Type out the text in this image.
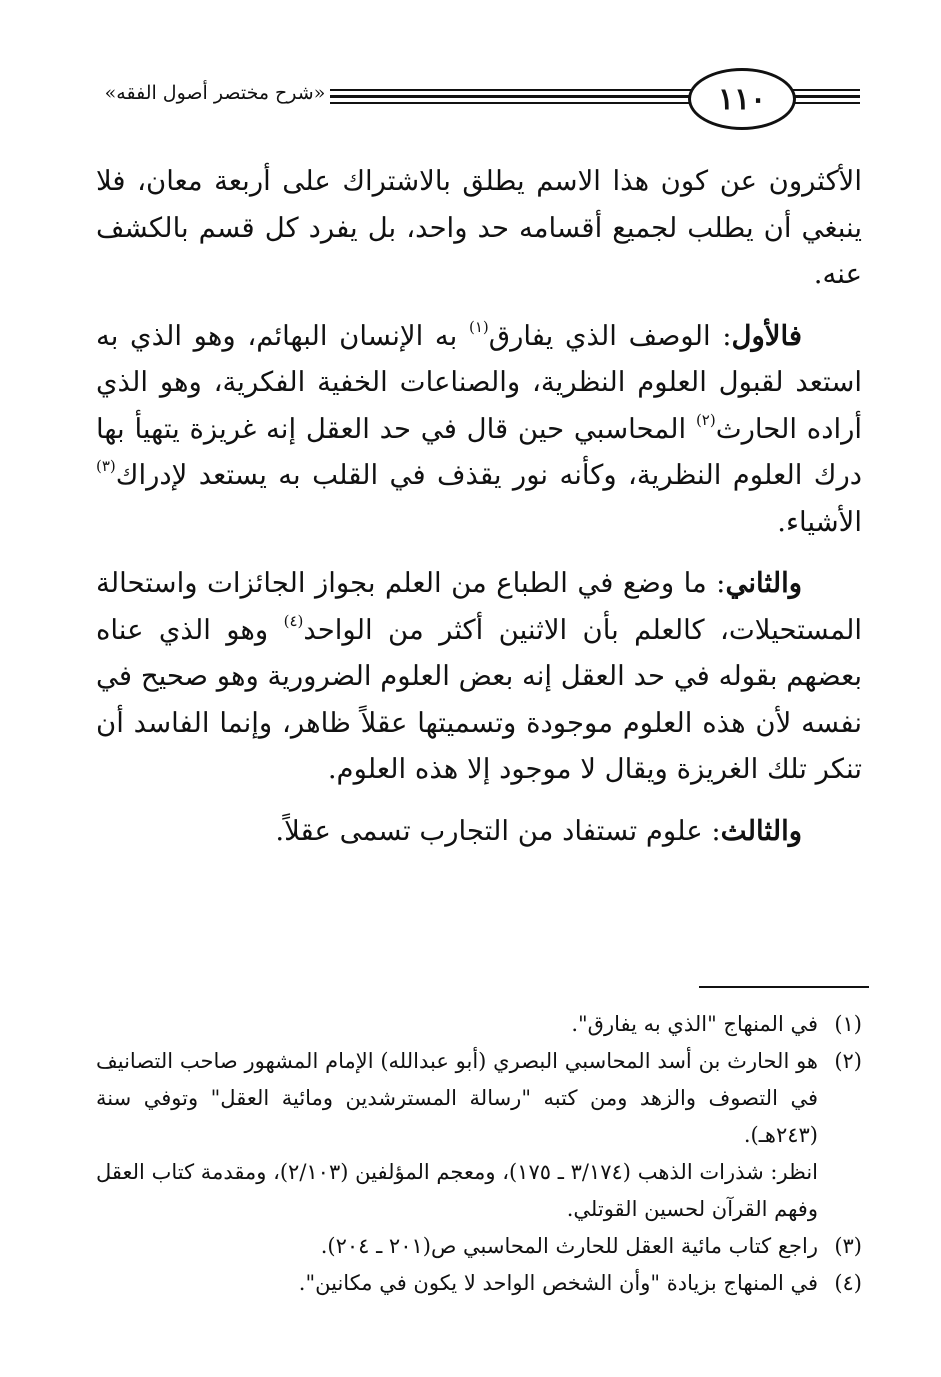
١١٠
«شرح مختصر أصول الفقه»

الأكثرون عن كون هذا الاسم يطلق بالاشتراك على أربعة معان، فلا ينبغي أن يطلب لجميع أقسامه حد واحد، بل يفرد كل قسم بالكشف عنه.

فالأول: الوصف الذي يفارق$^{(١)}$ به الإنسان البهائم، وهو الذي به استعد لقبول العلوم النظرية، والصناعات الخفية الفكرية، وهو الذي أراده الحارث$^{(٢)}$ المحاسبي حين قال في حد العقل إنه غريزة يتهيأ بها درك العلوم النظرية، وكأنه نور يقذف في القلب به يستعد لإدراك$^{(٣)}$ الأشياء.

والثاني: ما وضع في الطباع من العلم بجواز الجائزات واستحالة المستحيلات، كالعلم بأن الاثنين أكثر من الواحد$^{(٤)}$ وهو الذي عناه بعضهم بقوله في حد العقل إنه بعض العلوم الضرورية وهو صحيح في نفسه لأن هذه العلوم موجودة وتسميتها عقلاً ظاهر، وإنما الفاسد أن تنكر تلك الغريزة ويقال لا موجود إلا هذه العلوم.

والثالث: علوم تستفاد من التجارب تسمى عقلاً.

(١)
في المنهاج "الذي به يفارق".
(٢)
هو الحارث بن أسد المحاسبي البصري (أبو عبدالله) الإمام المشهور صاحب التصانيف في التصوف والزهد ومن كتبه "رسالة المسترشدين ومائية العقل" وتوفي سنة (٢٤٣هـ).
انظر: شذرات الذهب (٣/١٧٤ ـ ١٧٥)، ومعجم المؤلفين (٢/١٠٣)، ومقدمة كتاب العقل وفهم القرآن لحسين القوتلي.
(٣)
راجع كتاب مائية العقل للحارث المحاسبي ص(٢٠١ ـ ٢٠٤).
(٤)
في المنهاج بزيادة "وأن الشخص الواحد لا يكون في مكانين".
